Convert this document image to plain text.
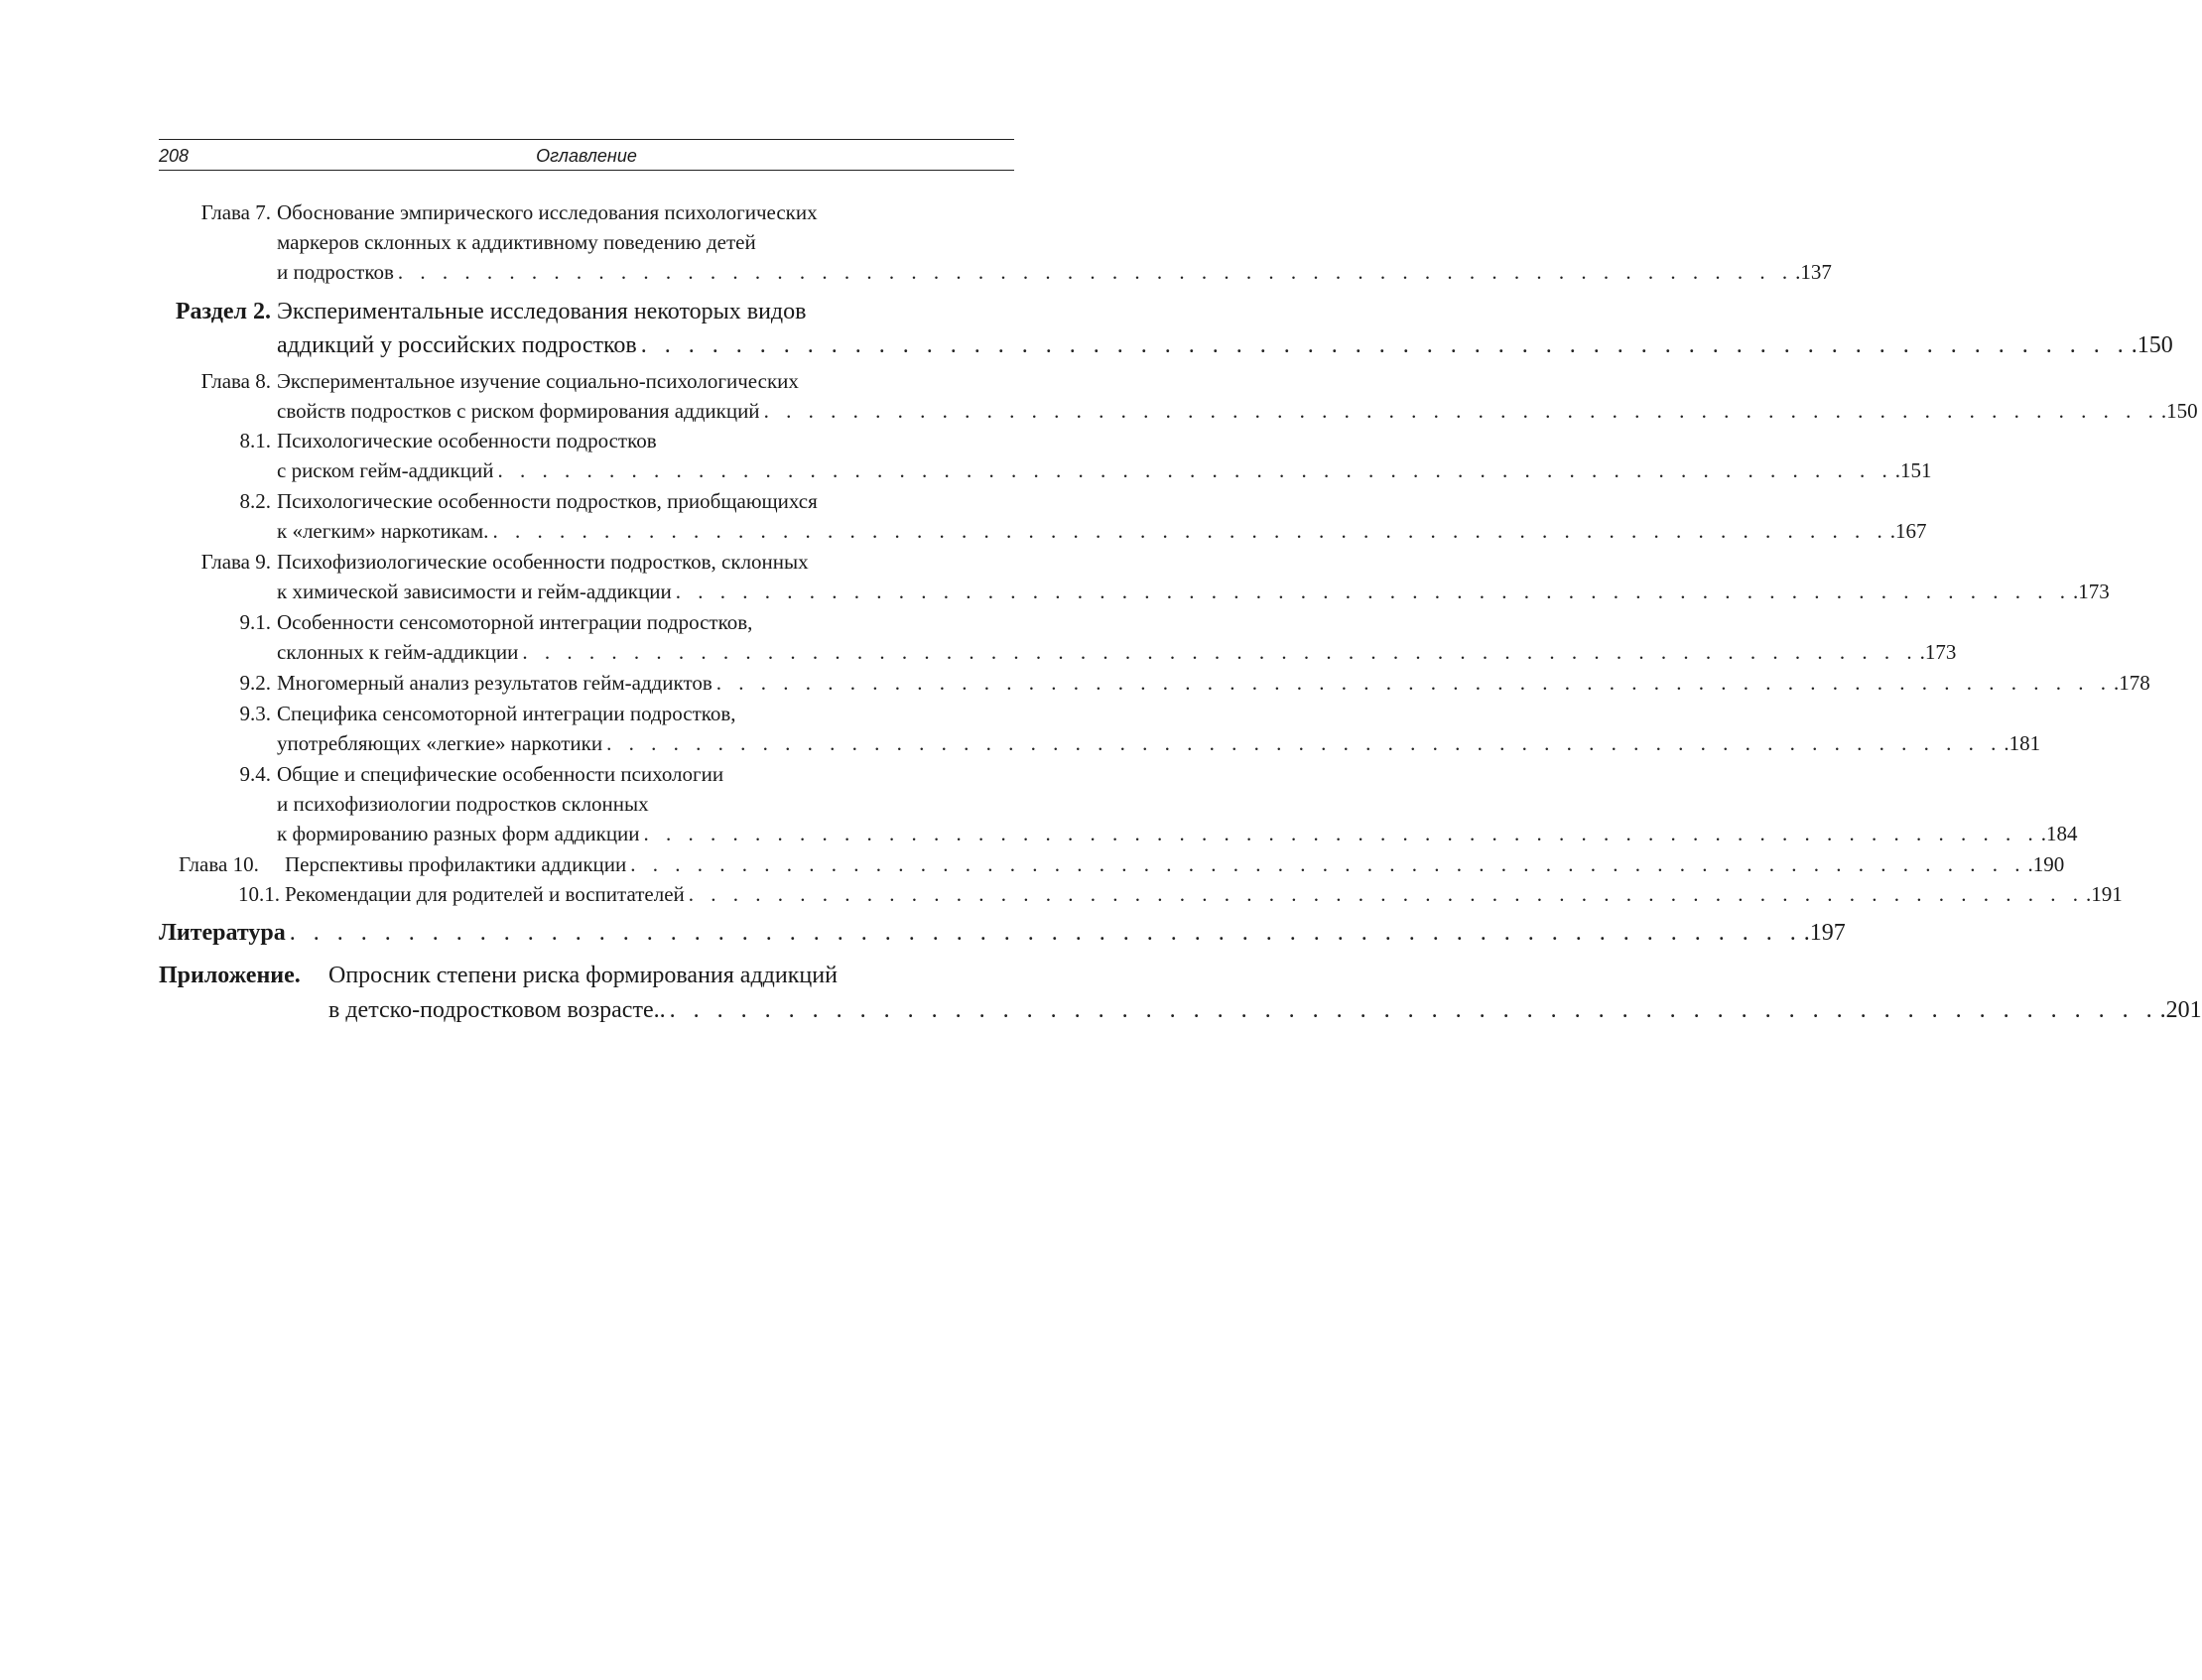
208	Оглавление
Глава 7. Обоснование эмпирического исследования психологических
маркеров склонных к аддиктивному поведению детей
и подростков . . . . . . . . . . . . . . . . . . . . . . . . . . . . . . . . . . . . . . . . . . . . . . . . . . . . . . . . . . . . . . . .137
Раздел 2. Экспериментальные исследования некоторых видов
аддикций у российских подростков . . . . . . . . . . . . . . . . . . . . . . . . . . . . . . . . . . . . . . . . . . . . . . . . . . . . . . . . . . . . . . . .150
Глава 8. Экспериментальное изучение социально-психологических
свойств подростков с риском формирования аддикций . . . . . . . . . . . . . . . . . . . . . . . . . . . . . . . . . . . . . . . . . . . . . . . . . . . . . . . . . . . . . . . .150
8.1. Психологические особенности подростков
с риском гейм-аддикций . . . . . . . . . . . . . . . . . . . . . . . . . . . . . . . . . . . . . . . . . . . . . . . . . . . . . . . . . . . . . . . .151
8.2. Психологические особенности подростков, приобщающихся
к «легким» наркотикам. . . . . . . . . . . . . . . . . . . . . . . . . . . . . . . . . . . . . . . . . . . . . . . . . . . . . . . . . . . . . . . . .167
Глава 9. Психофизиологические особенности подростков, склонных
к химической зависимости и гейм-аддикции . . . . . . . . . . . . . . . . . . . . . . . . . . . . . . . . . . . . . . . . . . . . . . . . . . . . . . . . . . . . . . . .173
9.1. Особенности сенсомоторной интеграции подростков,
склонных к гейм-аддикции . . . . . . . . . . . . . . . . . . . . . . . . . . . . . . . . . . . . . . . . . . . . . . . . . . . . . . . . . . . . . . . .173
9.2. Многомерный анализ результатов гейм-аддиктов . . . . . . . . . . . . . . . . . . . . . . . . . . . . . . . . . . . . . . . . . . . . . . . . . . . . . . . . . . . . . . . .178
9.3. Специфика сенсомоторной интеграции подростков,
употребляющих «легкие» наркотики . . . . . . . . . . . . . . . . . . . . . . . . . . . . . . . . . . . . . . . . . . . . . . . . . . . . . . . . . . . . . . . .181
9.4. Общие и специфические особенности психологии
и психофизиологии подростков склонных
к формированию разных форм аддикции . . . . . . . . . . . . . . . . . . . . . . . . . . . . . . . . . . . . . . . . . . . . . . . . . . . . . . . . . . . . . . . .184
Глава 10.	Перспективы профилактики аддикции . . . . . . . . . . . . . . . . . . . . . . . . . . . . . . . . . . . . . . . . . . . . . . . . . . . . . . . . . . . . . . . .190
10.1. Рекомендации для родителей и воспитателей . . . . . . . . . . . . . . . . . . . . . . . . . . . . . . . . . . . . . . . . . . . . . . . . . . . . . . . . . . . . . . . .191
Литература . . . . . . . . . . . . . . . . . . . . . . . . . . . . . . . . . . . . . . . . . . . . . . . . . . . . . . . . . . . . . . . . .197
Приложение. Опросник степени риска формирования аддикций
в детско-подростковом возрасте.. . . . . . . . . . . . . . . . . . . . . . . . . . . . . . . . . . . . . . . . . . . . . . . . . . . . . . . . . . . . . . . . .201
